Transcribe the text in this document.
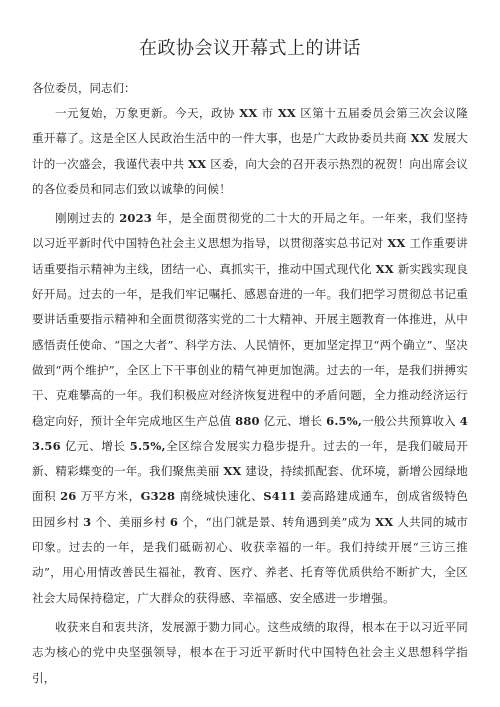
在政协会议开幕式上的讲话

各位委员，同志们：

一元复始，万象更新。今天，政协 XX 市 XX 区第十五届委员会第三次会议隆重开幕了。这是全区人民政治生活中的一件大事，也是广大政协委员共商 XX 发展大计的一次盛会，我谨代表中共 XX 区委，向大会的召开表示热烈的祝贺！向出席会议的各位委员和同志们致以诚挚的问候！

刚刚过去的 2023 年，是全面贯彻党的二十大的开局之年。一年来，我们坚持以习近平新时代中国特色社会主义思想为指导，以贯彻落实总书记对 XX 工作重要讲话重要指示精神为主线，团结一心、真抓实干，推动中国式现代化 XX 新实践实现良好开局。过去的一年，是我们牢记嘱托、感恩奋进的一年。我们把学习贯彻总书记重要讲话重要指示精神和全面贯彻落实党的二十大精神、开展主题教育一体推进，从中感悟责任使命、“国之大者”、科学方法、人民情怀，更加坚定捍卫“两个确立”、坚决做到“两个维护”，全区上下干事创业的精气神更加饱满。过去的一年，是我们拼搏实干、克难攀高的一年。我们积极应对经济恢复进程中的矛盾问题，全力推动经济运行稳定向好，预计全年完成地区生产总值 880 亿元、增长 6.5%,一般公共预算收入 43.56 亿元、增长 5.5%,全区综合发展实力稳步提升。过去的一年，是我们破局开新、精彩蝶变的一年。我们聚焦美丽 XX 建设，持续抓配套、优环境，新增公园绿地面积 26 万平方米，G328 南绕城快速化、S411 姜高路建成通车，创成省级特色田园乡村 3 个、美丽乡村 6 个，“出门就是景、转角遇到美”成为 XX 人共同的城市印象。过去的一年，是我们砥砺初心、收获幸福的一年。我们持续开展“三访三推动”，用心用情改善民生福祉，教育、医疗、养老、托育等优质供给不断扩大，全区社会大局保持稳定，广大群众的获得感、幸福感、安全感进一步增强。

收获来自和衷共济，发展源于勠力同心。这些成绩的取得，根本在于以习近平同志为核心的党中央坚强领导，根本在于习近平新时代中国特色社会主义思想科学指引，
